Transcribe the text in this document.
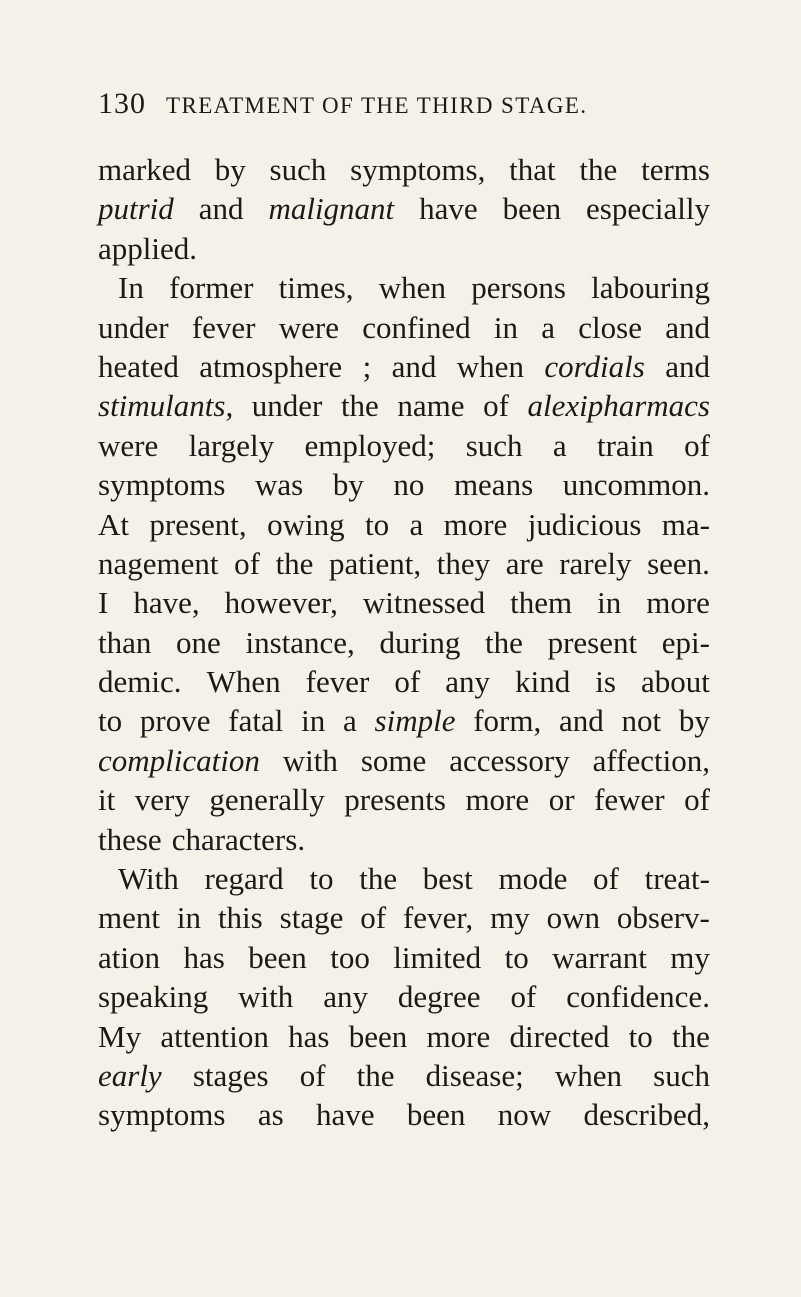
130 TREATMENT OF THE THIRD STAGE.
marked by such symptoms, that the terms
putrid and malignant have been especially
applied.
In former times, when persons labouring
under fever were confined in a close and
heated atmosphere ; and when cordials and
stimulants, under the name of alexipharmacs
were largely employed; such a train of
symptoms was by no means uncommon.
At present, owing to a more judicious ma-
nagement of the patient, they are rarely seen.
I have, however, witnessed them in more
than one instance, during the present epi-
demic. When fever of any kind is about
to prove fatal in a simple form, and not by
complication with some accessory affection,
it very generally presents more or fewer of
these characters.
With regard to the best mode of treat-
ment in this stage of fever, my own observ-
ation has been too limited to warrant my
speaking with any degree of confidence.
My attention has been more directed to the
early stages of the disease; when such
symptoms as have been now described,
